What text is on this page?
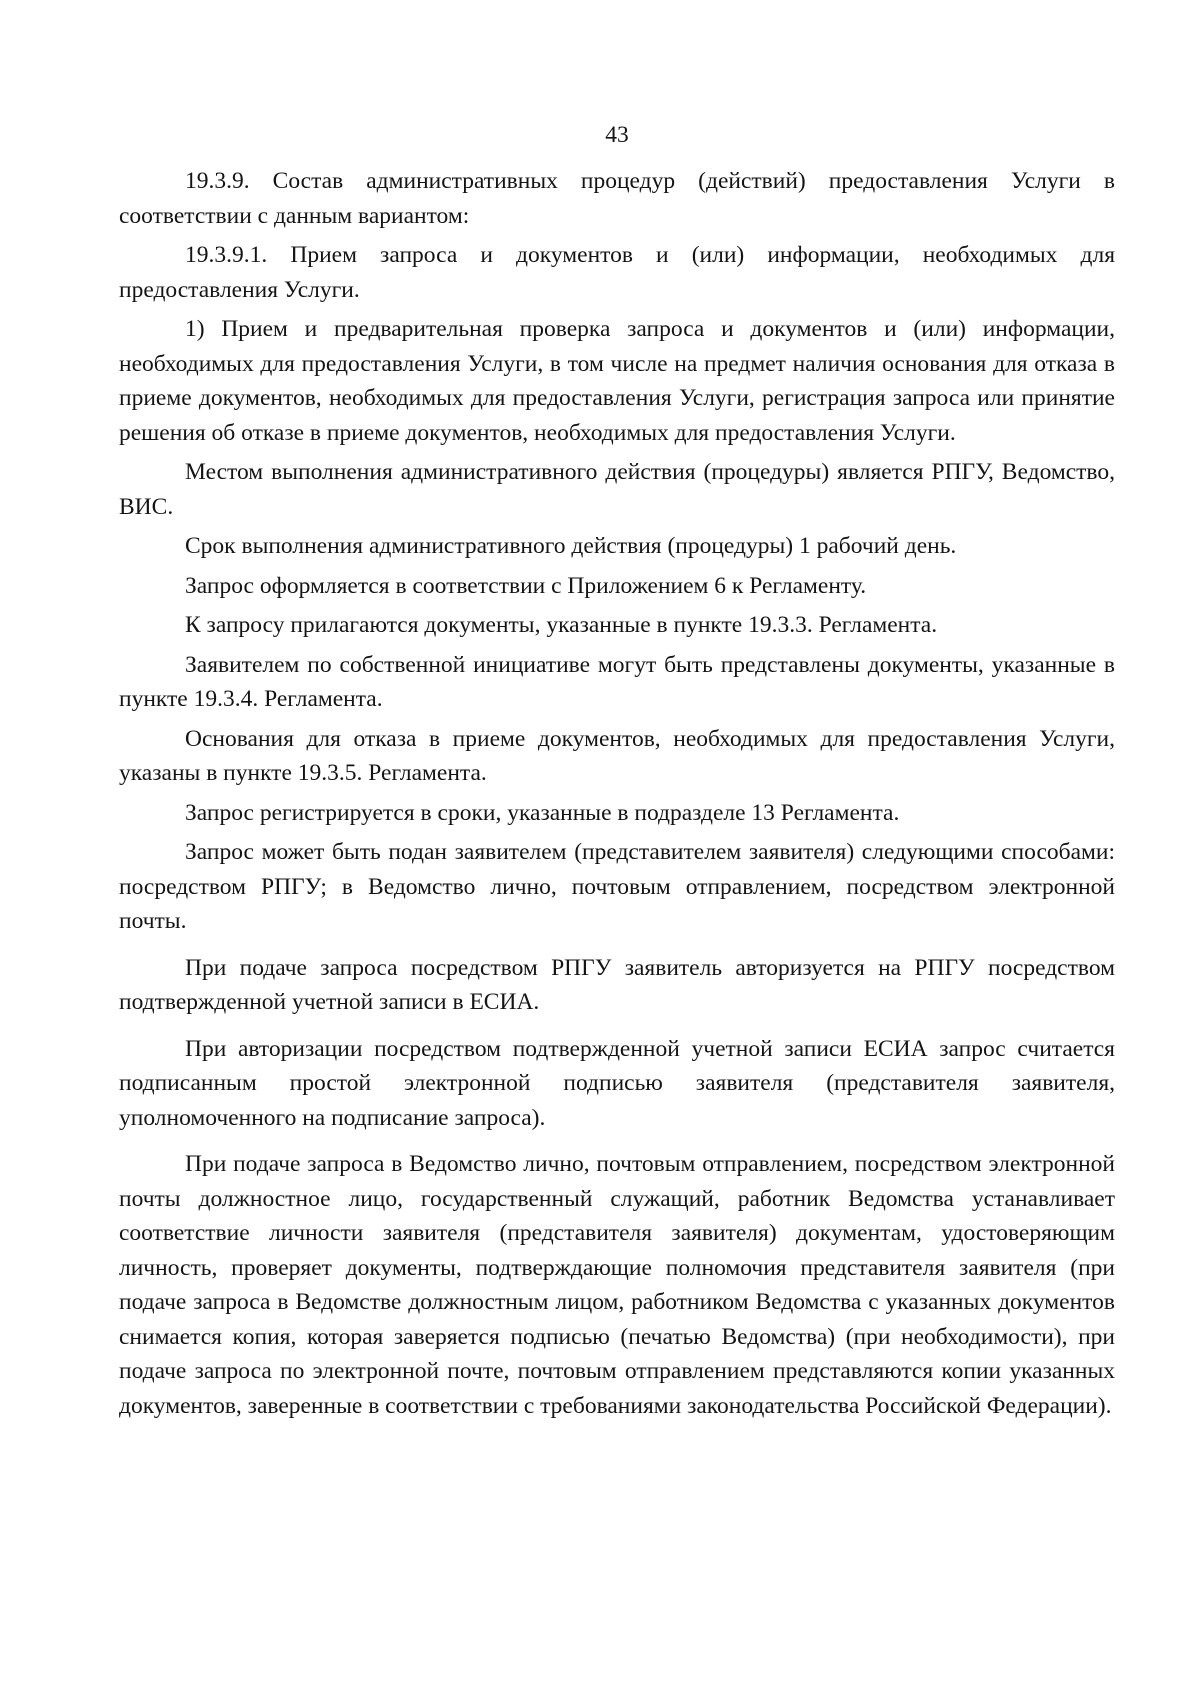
43

19.3.9. Состав административных процедур (действий) предоставления Услуги в соответствии с данным вариантом:

19.3.9.1. Прием запроса и документов и (или) информации, необходимых для предоставления Услуги.

1) Прием и предварительная проверка запроса и документов и (или) информации, необходимых для предоставления Услуги, в том числе на предмет наличия основания для отказа в приеме документов, необходимых для предоставления Услуги, регистрация запроса или принятие решения об отказе в приеме документов, необходимых для предоставления Услуги.

Местом выполнения административного действия (процедуры) является РПГУ, Ведомство, ВИС.

Срок выполнения административного действия (процедуры) 1 рабочий день.

Запрос оформляется в соответствии с Приложением 6 к Регламенту.

К запросу прилагаются документы, указанные в пункте 19.3.3. Регламента.

Заявителем по собственной инициативе могут быть представлены документы, указанные в пункте 19.3.4. Регламента.

Основания для отказа в приеме документов, необходимых для предоставления Услуги, указаны в пункте 19.3.5. Регламента.

Запрос регистрируется в сроки, указанные в подразделе 13 Регламента.

Запрос может быть подан заявителем (представителем заявителя) следующими способами: посредством РПГУ; в Ведомство лично, почтовым отправлением, посредством электронной почты.

При подаче запроса посредством РПГУ заявитель авторизуется на РПГУ посредством подтвержденной учетной записи в ЕСИА.

При авторизации посредством подтвержденной учетной записи ЕСИА запрос считается подписанным простой электронной подписью заявителя (представителя заявителя, уполномоченного на подписание запроса).

При подаче запроса в Ведомство лично, почтовым отправлением, посредством электронной почты должностное лицо, государственный служащий, работник Ведомства устанавливает соответствие личности заявителя (представителя заявителя) документам, удостоверяющим личность, проверяет документы, подтверждающие полномочия представителя заявителя (при подаче запроса в Ведомстве должностным лицом, работником Ведомства с указанных документов снимается копия, которая заверяется подписью (печатью Ведомства) (при необходимости), при подаче запроса по электронной почте, почтовым отправлением представляются копии указанных документов, заверенные в соответствии с требованиями законодательства Российской Федерации).
